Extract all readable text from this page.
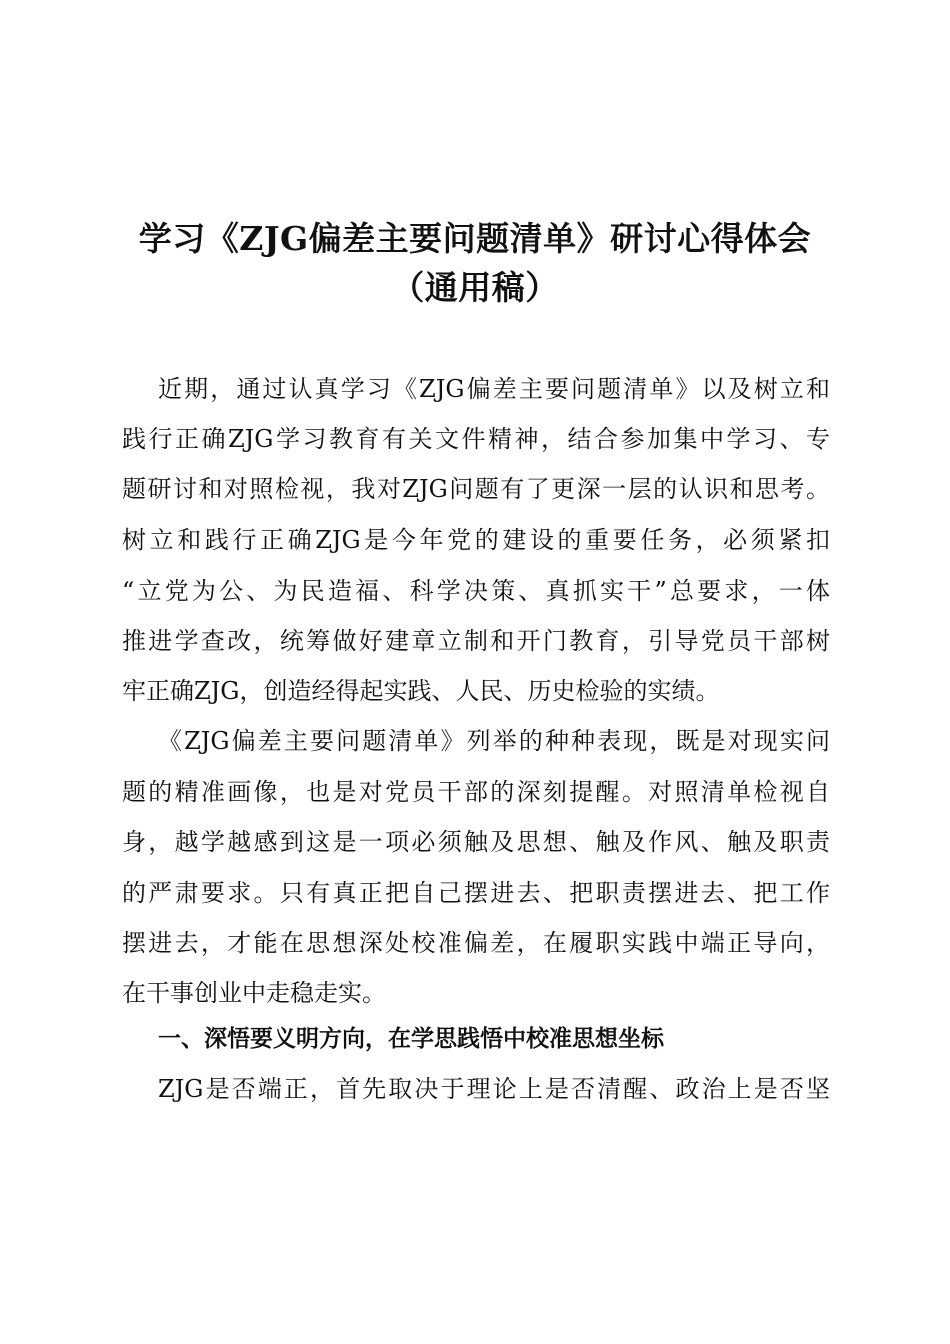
学习《ZJG偏差主要问题清单》研讨心得体会
（通用稿）
近期，通过认真学习《ZJG偏差主要问题清单》以及树立和
践行正确ZJG学习教育有关文件精神，结合参加集中学习、专
题研讨和对照检视，我对ZJG问题有了更深一层的认识和思考。
树立和践行正确ZJG是今年党的建设的重要任务，必须紧扣
“立党为公、为民造福、科学决策、真抓实干”总要求，一体
推进学查改，统筹做好建章立制和开门教育，引导党员干部树
牢正确ZJG，创造经得起实践、人民、历史检验的实绩。
《ZJG偏差主要问题清单》列举的种种表现，既是对现实问
题的精准画像，也是对党员干部的深刻提醒。对照清单检视自
身，越学越感到这是一项必须触及思想、触及作风、触及职责
的严肃要求。只有真正把自己摆进去、把职责摆进去、把工作
摆进去，才能在思想深处校准偏差，在履职实践中端正导向，
在干事创业中走稳走实。
一、深悟要义明方向，在学思践悟中校准思想坐标
ZJG是否端正，首先取决于理论上是否清醒、政治上是否坚
